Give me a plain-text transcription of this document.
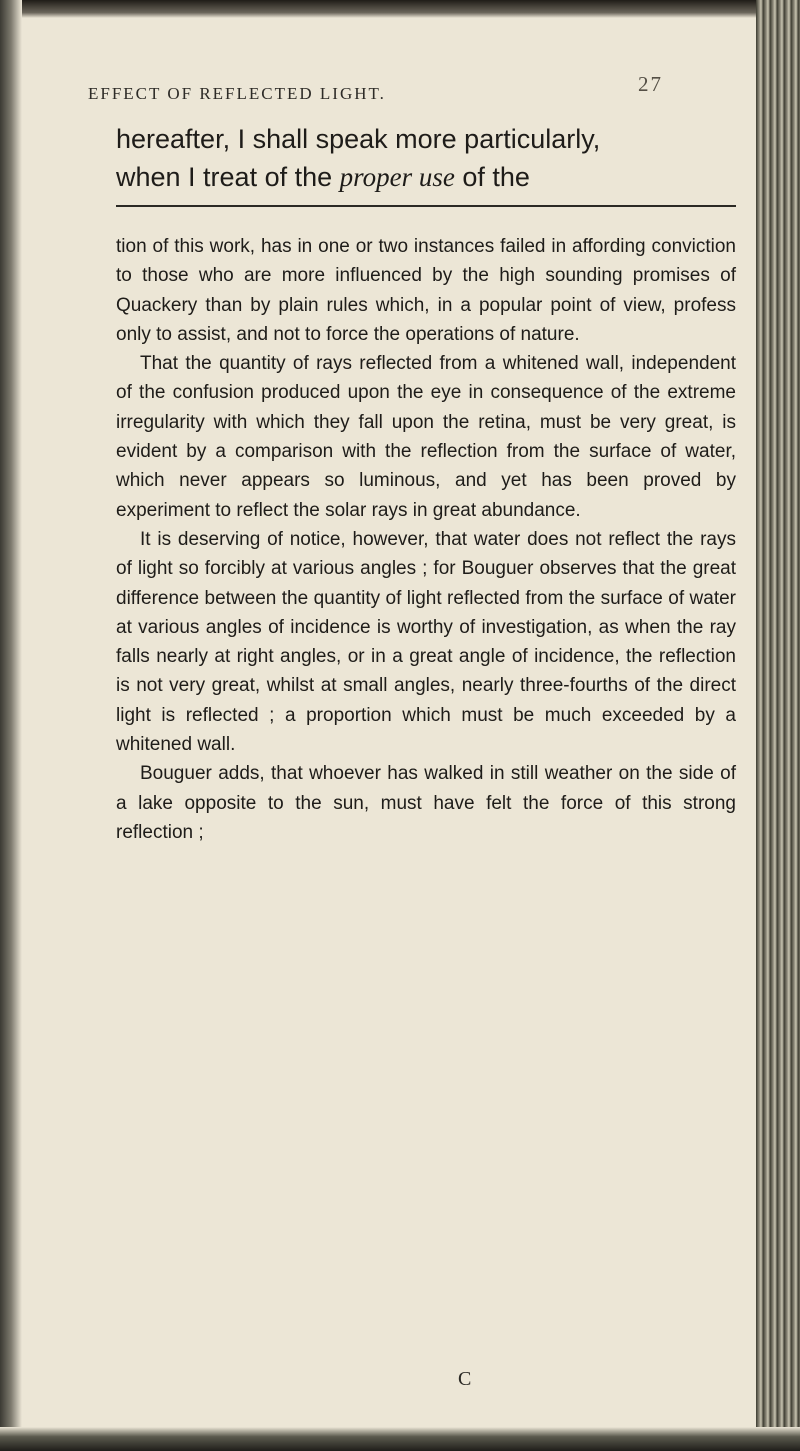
EFFECT OF REFLECTED LIGHT.	27

hereafter, I shall speak more particularly,

when I treat of the proper use of the

tion of this work, has in one or two instances failed in affording conviction to those who are more influenced by the high sounding promises of Quackery than by plain rules which, in a popular point of view, profess only to assist, and not to force the operations of nature.

That the quantity of rays reflected from a whitened wall, independent of the confusion produced upon the eye in consequence of the extreme irregularity with which they fall upon the retina, must be very great, is evident by a comparison with the reflection from the surface of water, which never appears so luminous, and yet has been proved by experiment to reflect the solar rays in great abundance.

It is deserving of notice, however, that water does not reflect the rays of light so forcibly at various angles ; for Bouguer observes that the great difference between the quantity of light reflected from the surface of water at various angles of incidence is worthy of investigation, as when the ray falls nearly at right angles, or in a great angle of incidence, the reflection is not very great, whilst at small angles, nearly three-fourths of the direct light is reflected ; a proportion which must be much exceeded by a whitened wall.

Bouguer adds, that whoever has walked in still weather on the side of a lake opposite to the sun, must have felt the force of this strong reflection ;

C
